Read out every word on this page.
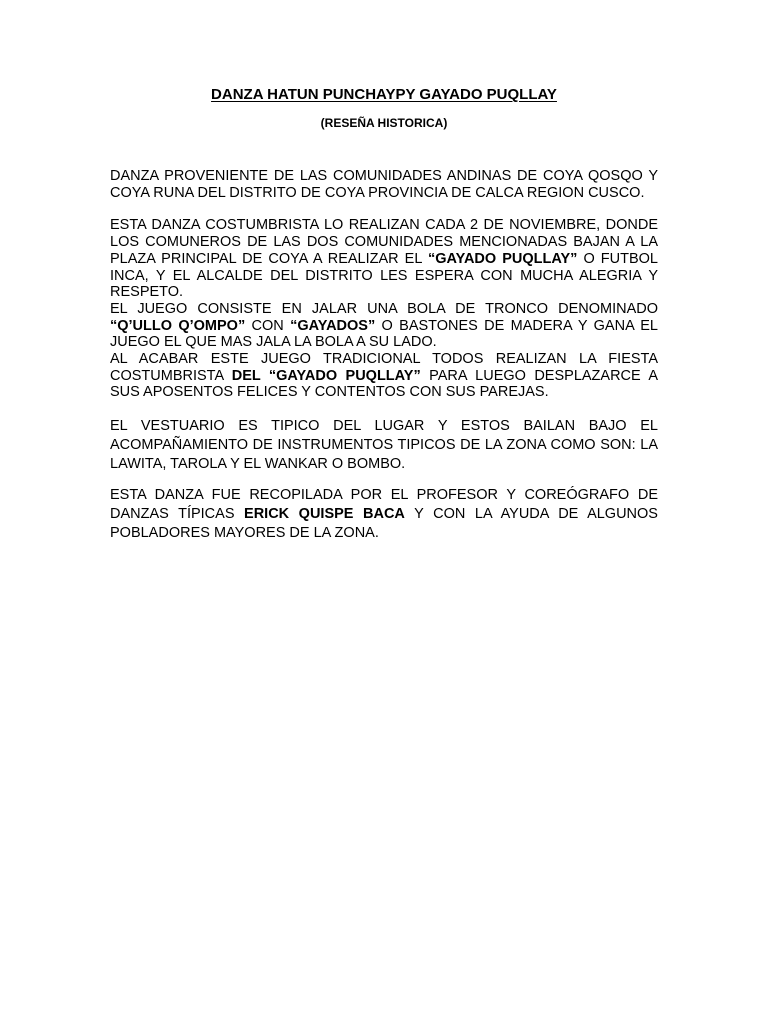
DANZA HATUN PUNCHAYPY GAYADO PUQLLAY
(RESEÑA HISTORICA)

DANZA PROVENIENTE DE LAS COMUNIDADES ANDINAS DE COYA QOSQO Y COYA RUNA DEL DISTRITO DE COYA PROVINCIA DE CALCA REGION CUSCO.

ESTA DANZA COSTUMBRISTA LO REALIZAN CADA 2 DE NOVIEMBRE, DONDE LOS COMUNEROS DE LAS DOS COMUNIDADES MENCIONADAS BAJAN A LA PLAZA PRINCIPAL DE COYA A REALIZAR EL “GAYADO PUQLLAY” O FUTBOL INCA, Y EL ALCALDE DEL DISTRITO LES ESPERA CON MUCHA ALEGRIA Y RESPETO.

EL JUEGO CONSISTE EN JALAR UNA BOLA DE TRONCO DENOMINADO “Q’ULLO Q’OMPO” CON “GAYADOS” O BASTONES DE MADERA Y GANA EL JUEGO EL QUE MAS JALA LA BOLA A SU LADO.

AL ACABAR ESTE JUEGO TRADICIONAL TODOS REALIZAN LA FIESTA COSTUMBRISTA DEL “GAYADO PUQLLAY” PARA LUEGO DESPLAZARCE A SUS APOSENTOS FELICES Y CONTENTOS CON SUS PAREJAS.

EL VESTUARIO ES TIPICO DEL LUGAR Y ESTOS BAILAN BAJO EL ACOMPAÑAMIENTO DE INSTRUMENTOS TIPICOS DE LA ZONA COMO SON: LA LAWITA, TAROLA Y EL WANKAR O BOMBO.

ESTA DANZA FUE RECOPILADA POR EL PROFESOR Y COREÓGRAFO DE DANZAS TÍPICAS ERICK QUISPE BACA Y CON LA AYUDA DE ALGUNOS POBLADORES MAYORES DE LA ZONA.
